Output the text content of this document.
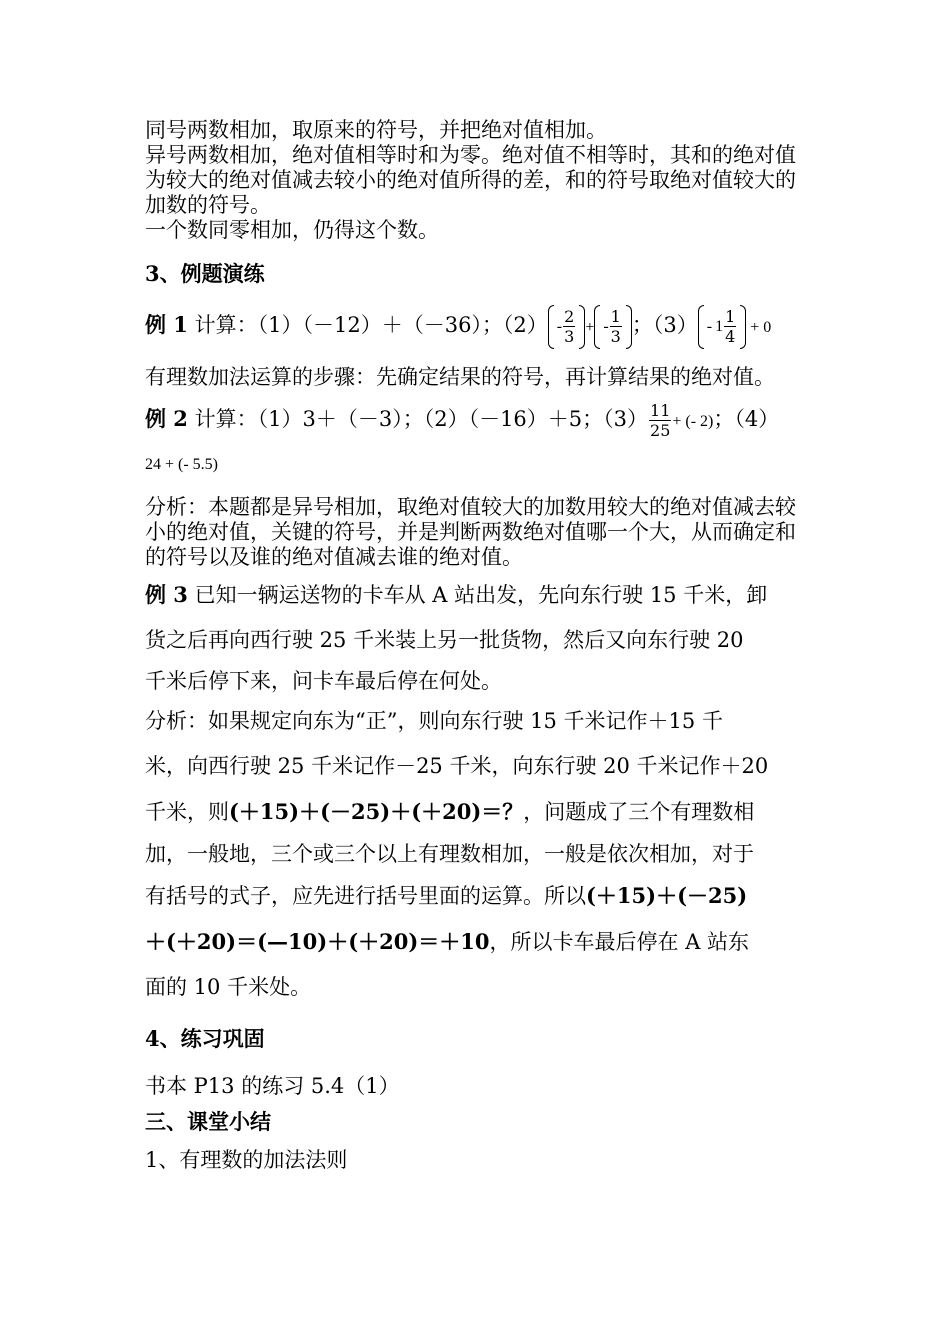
同号两数相加，取原来的符号，并把绝对值相加。

异号两数相加，绝对值相等时和为零。绝对值不相等时，其和的绝对值为较大的绝对值减去较小的绝对值所得的差，和的符号取绝对值较大的加数的符号。

一个数同零相加，仍得这个数。

3、例题演练

例 1 计算：（1）（－12）＋（－36）；$(2) - \frac{2}{3}$ + - $\frac{1}{3}$ ；$(3) - 1 \frac{1}{4} + 0$

有理数加法运算的步骤：先确定结果的符号，再计算结果的绝对值。

例 2 计算：（1）3＋（－3）；（2）（－16）＋5；$(3) \frac{11}{25}$ + (- 2)；（4）

24 + (- 5.5)

分析：本题都是异号相加，取绝对值较大的加数用较大的绝对值减去较小的绝对值，关键的符号，并是判断两数绝对值哪一个大，从而确定和的符号以及谁的绝对值减去谁的绝对值。

例 3 已知一辆运送物的卡车从 A 站出发，先向东行驶 15 千米，卸

货之后再向西行驶 25 千米装上另一批货物，然后又向东行驶 20

千米后停下来，问卡车最后停在何处。

分析：如果规定向东为“正”，则向东行驶 15 千米记作＋15 千

米，向西行驶 25 千米记作－25 千米，向东行驶 20 千米记作＋20

千米，则(＋15)＋(－25)＋(＋20)＝？，问题成了三个有理数相

加，一般地，三个或三个以上有理数相加，一般是依次相加，对于

有括号的式子，应先进行括号里面的运算。所以(＋15)＋(－25)

＋(＋20)＝(—10)＋(＋20)＝＋10，所以卡车最后停在 A 站东

面的 10 千米处。

4、练习巩固

书本 P13 的练习 5.4（1）

三、课堂小结

1、有理数的加法法则
